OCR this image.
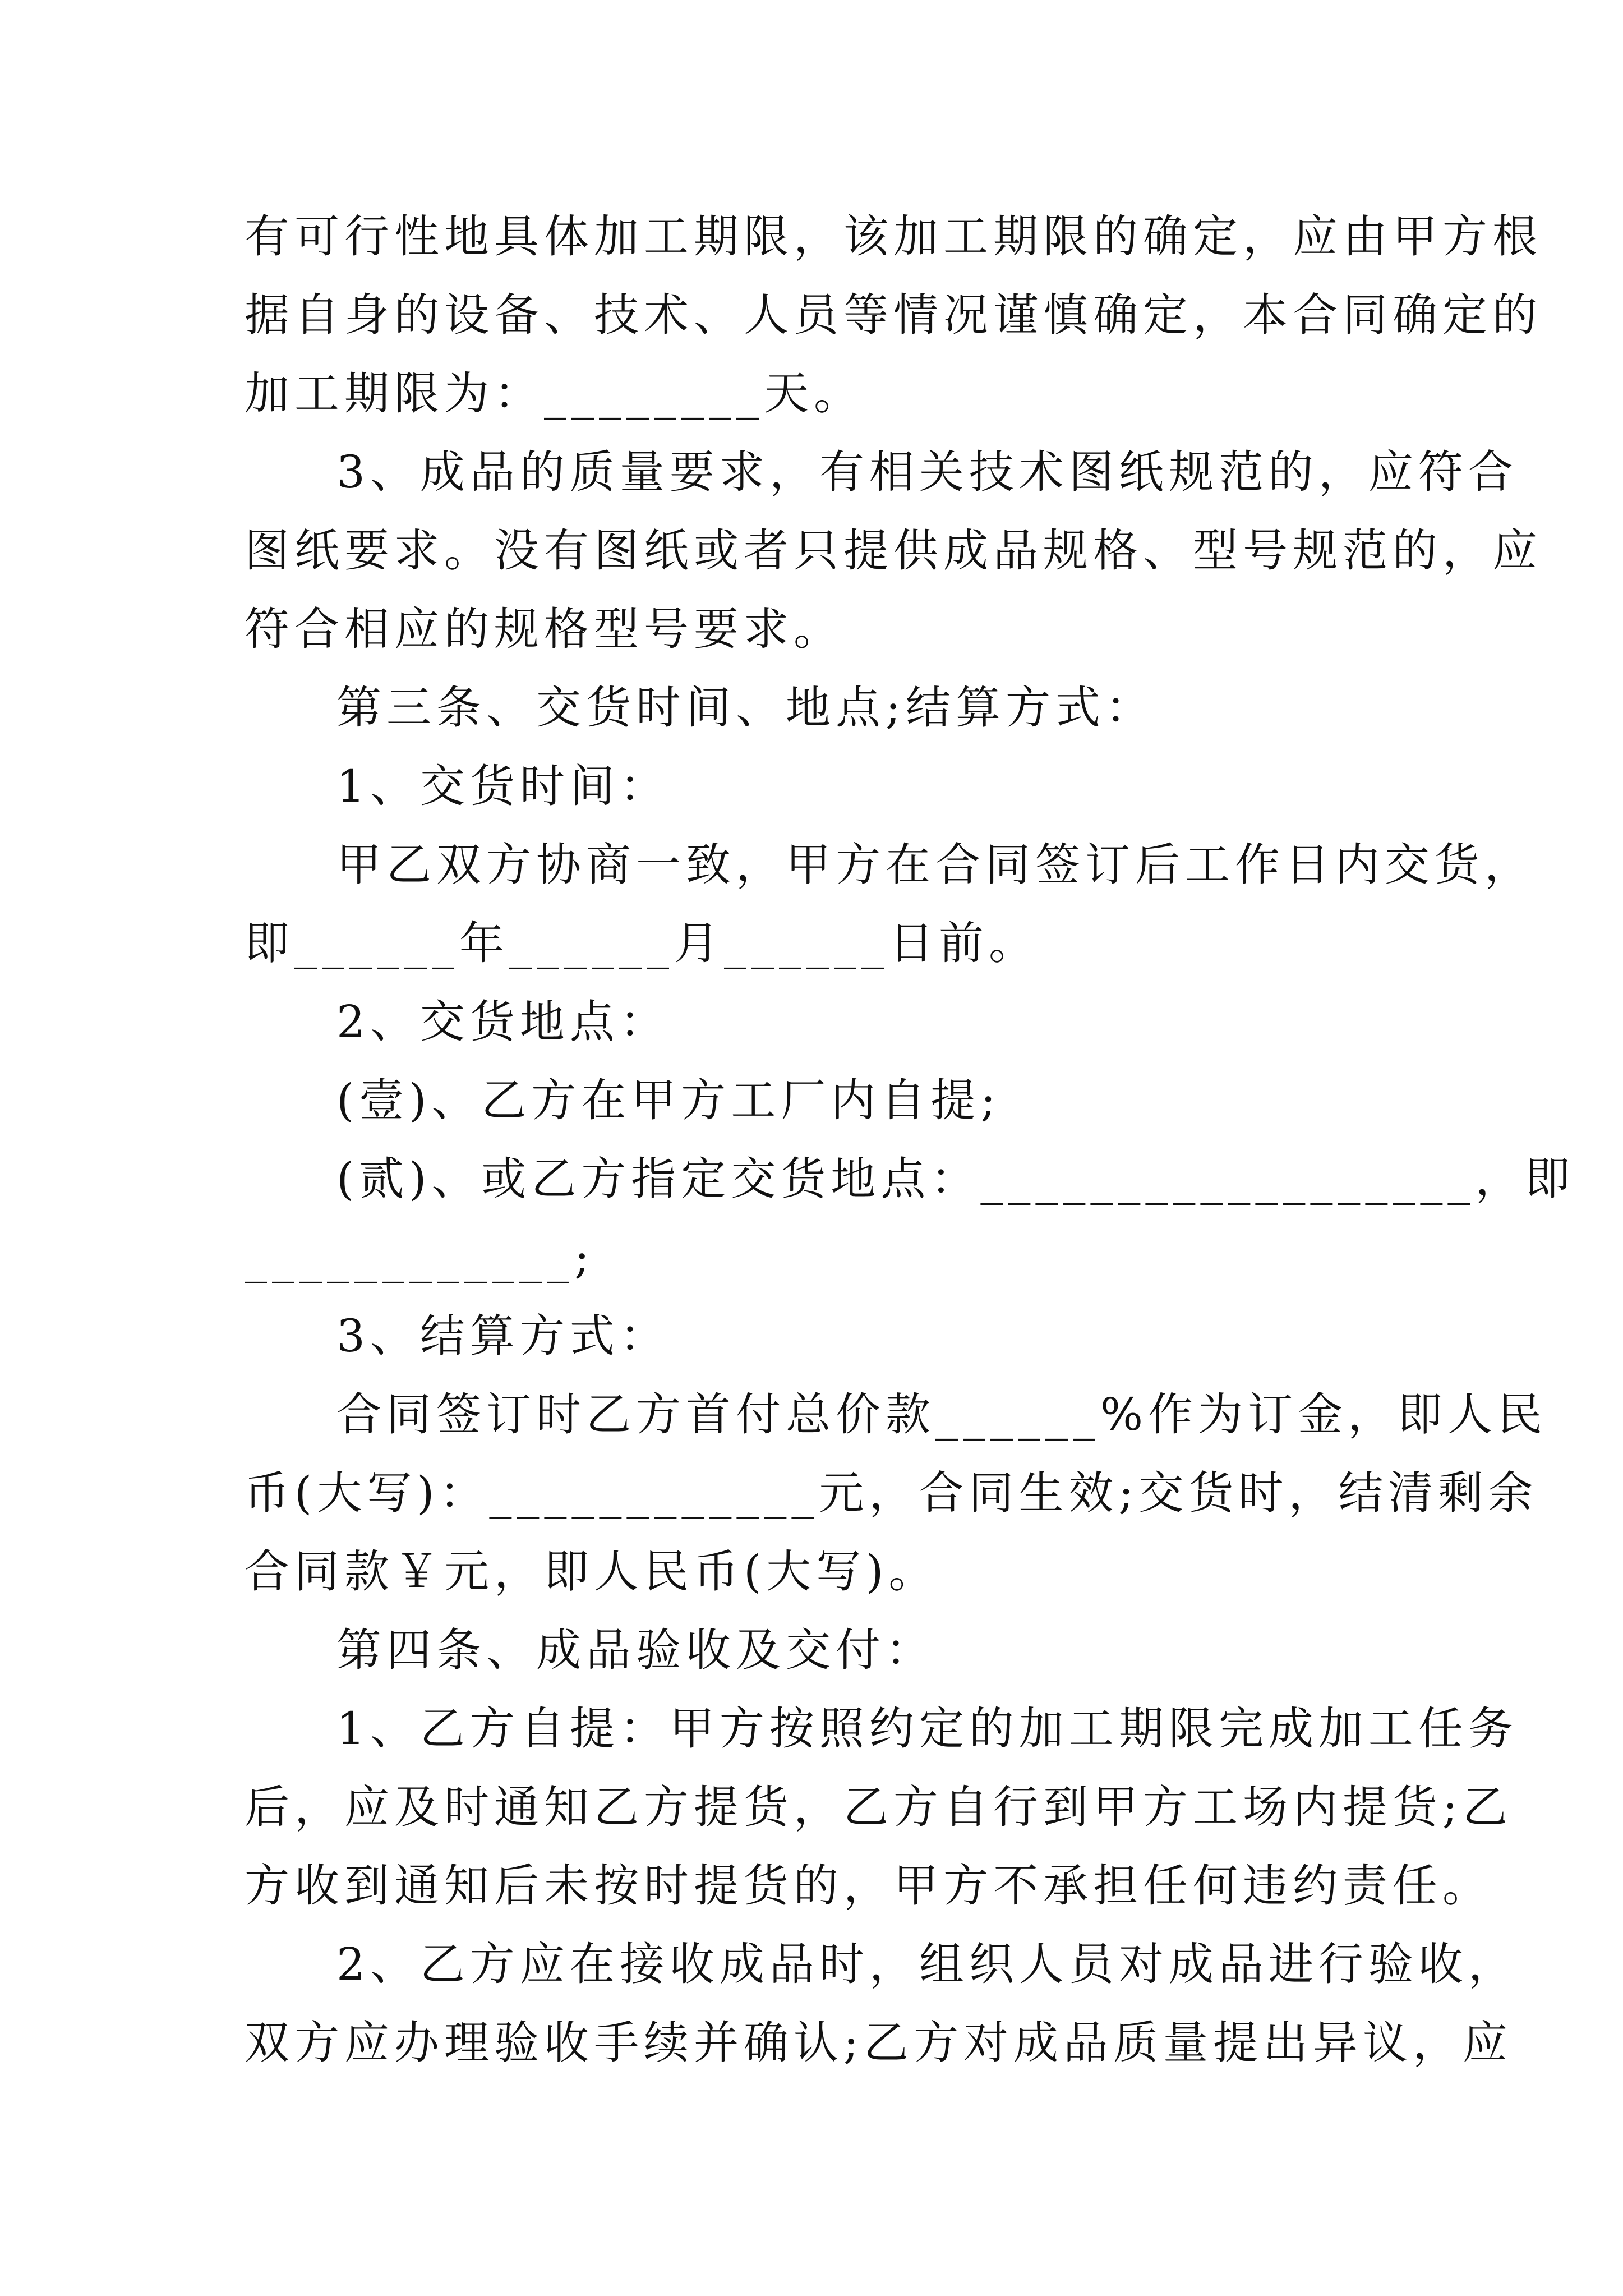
有可行性地具体加工期限，该加工期限的确定，应由甲方根
据自身的设备、技术、人员等情况谨慎确定，本合同确定的
加工期限为：________天。
3、成品的质量要求，有相关技术图纸规范的，应符合
图纸要求。没有图纸或者只提供成品规格、型号规范的，应
符合相应的规格型号要求。
第三条、交货时间、地点;结算方式：
1、交货时间：
甲乙双方协商一致，甲方在合同签订后工作日内交货，
即______年______月______日前。
2、交货地点：
(壹)、乙方在甲方工厂内自提;
(贰)、或乙方指定交货地点：__________________，即
____________;
3、结算方式：
合同签订时乙方首付总价款______%作为订金，即人民
币(大写)：____________元，合同生效;交货时，结清剩余
合同款￥元，即人民币(大写)。
第四条、成品验收及交付：
1、乙方自提：甲方按照约定的加工期限完成加工任务
后，应及时通知乙方提货，乙方自行到甲方工场内提货;乙
方收到通知后未按时提货的，甲方不承担任何违约责任。
2、乙方应在接收成品时，组织人员对成品进行验收，
双方应办理验收手续并确认;乙方对成品质量提出异议，应
